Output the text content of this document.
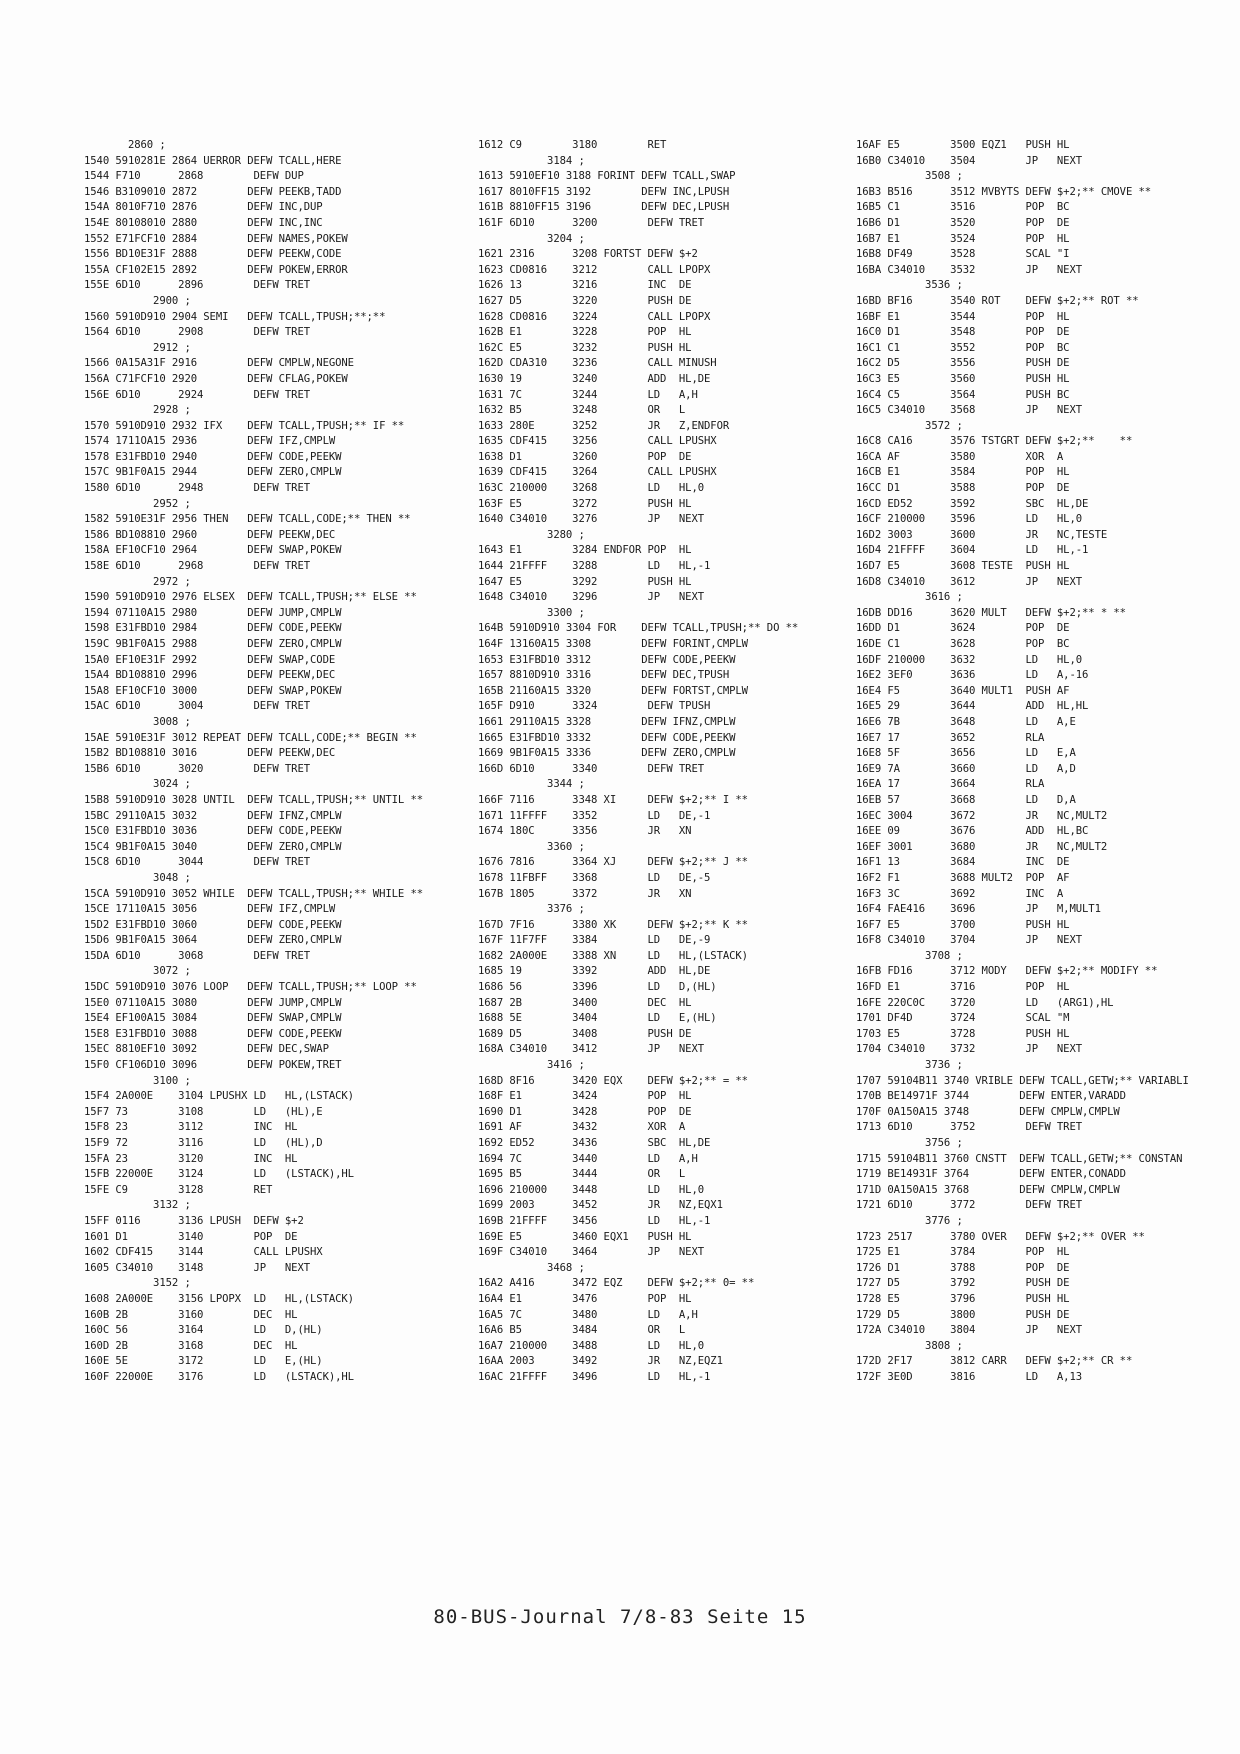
2860 ;
1540 5910281E 2864 UERROR DEFW TCALL,HERE
1544 F710      2868        DEFW DUP
1546 B3109010 2872        DEFW PEEKB,TADD
154A 8010F710 2876        DEFW INC,DUP
154E 80108010 2880        DEFW INC,INC
1552 E71FCF10 2884        DEFW NAMES,POKEW
1556 BD10E31F 2888        DEFW PEEKW,CODE
155A CF102E15 2892        DEFW POKEW,ERROR
155E 6D10      2896        DEFW TRET
2900 ;
1560 5910D910 2904 SEMI   DEFW TCALL,TPUSH;**;**
1564 6D10      2908        DEFW TRET
2912 ;
1566 0A15A31F 2916        DEFW CMPLW,NEGONE
156A C71FCF10 2920        DEFW CFLAG,POKEW
156E 6D10      2924        DEFW TRET
2928 ;
1570 5910D910 2932 IFX    DEFW TCALL,TPUSH;** IF **
1574 1711OA15 2936        DEFW IFZ,CMPLW
1578 E31FBD10 2940        DEFW CODE,PEEKW
157C 9B1F0A15 2944        DEFW ZERO,CMPLW
1580 6D10      2948        DEFW TRET
2952 ;
1582 5910E31F 2956 THEN   DEFW TCALL,CODE;** THEN **
1586 BD108810 2960        DEFW PEEKW,DEC
158A EF10CF10 2964        DEFW SWAP,POKEW
158E 6D10      2968        DEFW TRET
2972 ;
1590 5910D910 2976 ELSEX  DEFW TCALL,TPUSH;** ELSE **
1594 07110A15 2980        DEFW JUMP,CMPLW
1598 E31FBD10 2984        DEFW CODE,PEEKW
159C 9B1F0A15 2988        DEFW ZERO,CMPLW
15A0 EF10E31F 2992        DEFW SWAP,CODE
15A4 BD108810 2996        DEFW PEEKW,DEC
15A8 EF10CF10 3000        DEFW SWAP,POKEW
15AC 6D10      3004        DEFW TRET
3008 ;
15AE 5910E31F 3012 REPEAT DEFW TCALL,CODE;** BEGIN **
15B2 BD108810 3016        DEFW PEEKW,DEC
15B6 6D10      3020        DEFW TRET
3024 ;
15B8 5910D910 3028 UNTIL  DEFW TCALL,TPUSH;** UNTIL **
15BC 29110A15 3032        DEFW IFNZ,CMPLW
15C0 E31FBD10 3036        DEFW CODE,PEEKW
15C4 9B1F0A15 3040        DEFW ZERO,CMPLW
15C8 6D10      3044        DEFW TRET
3048 ;
15CA 5910D910 3052 WHILE  DEFW TCALL,TPUSH;** WHILE **
15CE 17110A15 3056        DEFW IFZ,CMPLW
15D2 E31FBD10 3060        DEFW CODE,PEEKW
15D6 9B1F0A15 3064        DEFW ZERO,CMPLW
15DA 6D10      3068        DEFW TRET
3072 ;
15DC 5910D910 3076 LOOP   DEFW TCALL,TPUSH;** LOOP **
15E0 07110A15 3080        DEFW JUMP,CMPLW
15E4 EF100A15 3084        DEFW SWAP,CMPLW
15E8 E31FBD10 3088        DEFW CODE,PEEKW
15EC 8810EF10 3092        DEFW DEC,SWAP
15F0 CF106D10 3096        DEFW POKEW,TRET
3100 ;
15F4 2A000E    3104 LPUSHX LD   HL,(LSTACK)
15F7 73        3108        LD   (HL),E
15F8 23        3112        INC  HL
15F9 72        3116        LD   (HL),D
15FA 23        3120        INC  HL
15FB 22000E    3124        LD   (LSTACK),HL
15FE C9        3128        RET
3132 ;
15FF 0116      3136 LPUSH  DEFW $+2
1601 D1        3140        POP  DE
1602 CDF415    3144        CALL LPUSHX
1605 C34010    3148        JP   NEXT
3152 ;
1608 2A000E    3156 LPOPX  LD   HL,(LSTACK)
160B 2B        3160        DEC  HL
160C 56        3164        LD   D,(HL)
160D 2B        3168        DEC  HL
160E 5E        3172        LD   E,(HL)
160F 22000E    3176        LD   (LSTACK),HL
1612 C9        3180        RET
3184 ;
1613 5910EF10 3188 FORINT DEFW TCALL,SWAP
1617 8010FF15 3192        DEFW INC,LPUSH
161B 8810FF15 3196        DEFW DEC,LPUSH
161F 6D10      3200        DEFW TRET
3204 ;
1621 2316      3208 FORTST DEFW $+2
1623 CD0816    3212        CALL LPOPX
1626 13        3216        INC  DE
1627 D5        3220        PUSH DE
1628 CD0816    3224        CALL LPOPX
162B E1        3228        POP  HL
162C E5        3232        PUSH HL
162D CDA310    3236        CALL MINUSH
1630 19        3240        ADD  HL,DE
1631 7C        3244        LD   A,H
1632 B5        3248        OR   L
1633 280E      3252        JR   Z,ENDFOR
1635 CDF415    3256        CALL LPUSHX
1638 D1        3260        POP  DE
1639 CDF415    3264        CALL LPUSHX
163C 210000    3268        LD   HL,0
163F E5        3272        PUSH HL
1640 C34010    3276        JP   NEXT
3280 ;
1643 E1        3284 ENDFOR POP  HL
1644 21FFFF    3288        LD   HL,-1
1647 E5        3292        PUSH HL
1648 C34010    3296        JP   NEXT
3300 ;
164B 5910D910 3304 FOR    DEFW TCALL,TPUSH;** DO **
164F 13160A15 3308        DEFW FORINT,CMPLW
1653 E31FBD10 3312        DEFW CODE,PEEKW
1657 8810D910 3316        DEFW DEC,TPUSH
165B 21160A15 3320        DEFW FORTST,CMPLW
165F D910      3324        DEFW TPUSH
1661 29110A15 3328        DEFW IFNZ,CMPLW
1665 E31FBD10 3332        DEFW CODE,PEEKW
1669 9B1F0A15 3336        DEFW ZERO,CMPLW
166D 6D10      3340        DEFW TRET
3344 ;
166F 7116      3348 XI     DEFW $+2;** I **
1671 11FFFF    3352        LD   DE,-1
1674 180C      3356        JR   XN
3360 ;
1676 7816      3364 XJ     DEFW $+2;** J **
1678 11FBFF    3368        LD   DE,-5
167B 1805      3372        JR   XN
3376 ;
167D 7F16      3380 XK     DEFW $+2;** K **
167F 11F7FF    3384        LD   DE,-9
1682 2A000E    3388 XN     LD   HL,(LSTACK)
1685 19        3392        ADD  HL,DE
1686 56        3396        LD   D,(HL)
1687 2B        3400        DEC  HL
1688 5E        3404        LD   E,(HL)
1689 D5        3408        PUSH DE
168A C34010    3412        JP   NEXT
3416 ;
168D 8F16      3420 EQX    DEFW $+2;** = **
168F E1        3424        POP  HL
1690 D1        3428        POP  DE
1691 AF        3432        XOR  A
1692 ED52      3436        SBC  HL,DE
1694 7C        3440        LD   A,H
1695 B5        3444        OR   L
1696 210000    3448        LD   HL,0
1699 2003      3452        JR   NZ,EQX1
169B 21FFFF    3456        LD   HL,-1
169E E5        3460 EQX1   PUSH HL
169F C34010    3464        JP   NEXT
3468 ;
16A2 A416      3472 EQZ    DEFW $+2;** 0= **
16A4 E1        3476        POP  HL
16A5 7C        3480        LD   A,H
16A6 B5        3484        OR   L
16A7 210000    3488        LD   HL,0
16AA 2003      3492        JR   NZ,EQZ1
16AC 21FFFF    3496        LD   HL,-1
16AF E5        3500 EQZ1   PUSH HL
16B0 C34010    3504        JP   NEXT
3508 ;
16B3 B516      3512 MVBYTS DEFW $+2;** CMOVE **
16B5 C1        3516        POP  BC
16B6 D1        3520        POP  DE
16B7 E1        3524        POP  HL
16B8 DF49      3528        SCAL "I
16BA C34010    3532        JP   NEXT
3536 ;
16BD BF16      3540 ROT    DEFW $+2;** ROT **
16BF E1        3544        POP  HL
16C0 D1        3548        POP  DE
16C1 C1        3552        POP  BC
16C2 D5        3556        PUSH DE
16C3 E5        3560        PUSH HL
16C4 C5        3564        PUSH BC
16C5 C34010    3568        JP   NEXT
3572 ;
16C8 CA16      3576 TSTGRT DEFW $+2;**    **
16CA AF        3580        XOR  A
16CB E1        3584        POP  HL
16CC D1        3588        POP  DE
16CD ED52      3592        SBC  HL,DE
16CF 210000    3596        LD   HL,0
16D2 3003      3600        JR   NC,TESTE
16D4 21FFFF    3604        LD   HL,-1
16D7 E5        3608 TESTE  PUSH HL
16D8 C34010    3612        JP   NEXT
3616 ;
16DB DD16      3620 MULT   DEFW $+2;** * **
16DD D1        3624        POP  DE
16DE C1        3628        POP  BC
16DF 210000    3632        LD   HL,0
16E2 3EF0      3636        LD   A,-16
16E4 F5        3640 MULT1  PUSH AF
16E5 29        3644        ADD  HL,HL
16E6 7B        3648        LD   A,E
16E7 17        3652        RLA
16E8 5F        3656        LD   E,A
16E9 7A        3660        LD   A,D
16EA 17        3664        RLA
16EB 57        3668        LD   D,A
16EC 3004      3672        JR   NC,MULT2
16EE 09        3676        ADD  HL,BC
16EF 3001      3680        JR   NC,MULT2
16F1 13        3684        INC  DE
16F2 F1        3688 MULT2  POP  AF
16F3 3C        3692        INC  A
16F4 FAE416    3696        JP   M,MULT1
16F7 E5        3700        PUSH HL
16F8 C34010    3704        JP   NEXT
3708 ;
16FB FD16      3712 MODY   DEFW $+2;** MODIFY **
16FD E1        3716        POP  HL
16FE 220C0C    3720        LD   (ARG1),HL
1701 DF4D      3724        SCAL "M
1703 E5        3728        PUSH HL
1704 C34010    3732        JP   NEXT
3736 ;
1707 59104B11 3740 VRIBLE DEFW TCALL,GETW;** VARIABLI
170B BE14971F 3744        DEFW ENTER,VARADD
170F 0A150A15 3748        DEFW CMPLW,CMPLW
1713 6D10      3752        DEFW TRET
3756 ;
1715 59104B11 3760 CNSTT  DEFW TCALL,GETW;** CONSTAN
1719 BE14931F 3764        DEFW ENTER,CONADD
171D 0A150A15 3768        DEFW CMPLW,CMPLW
1721 6D10      3772        DEFW TRET
3776 ;
1723 2517      3780 OVER   DEFW $+2;** OVER **
1725 E1        3784        POP  HL
1726 D1        3788        POP  DE
1727 D5        3792        PUSH DE
1728 E5        3796        PUSH HL
1729 D5        3800        PUSH DE
172A C34010    3804        JP   NEXT
3808 ;
172D 2F17      3812 CARR   DEFW $+2;** CR **
172F 3E0D      3816        LD   A,13
80-BUS-Journal 7/8-83 Seite 15
